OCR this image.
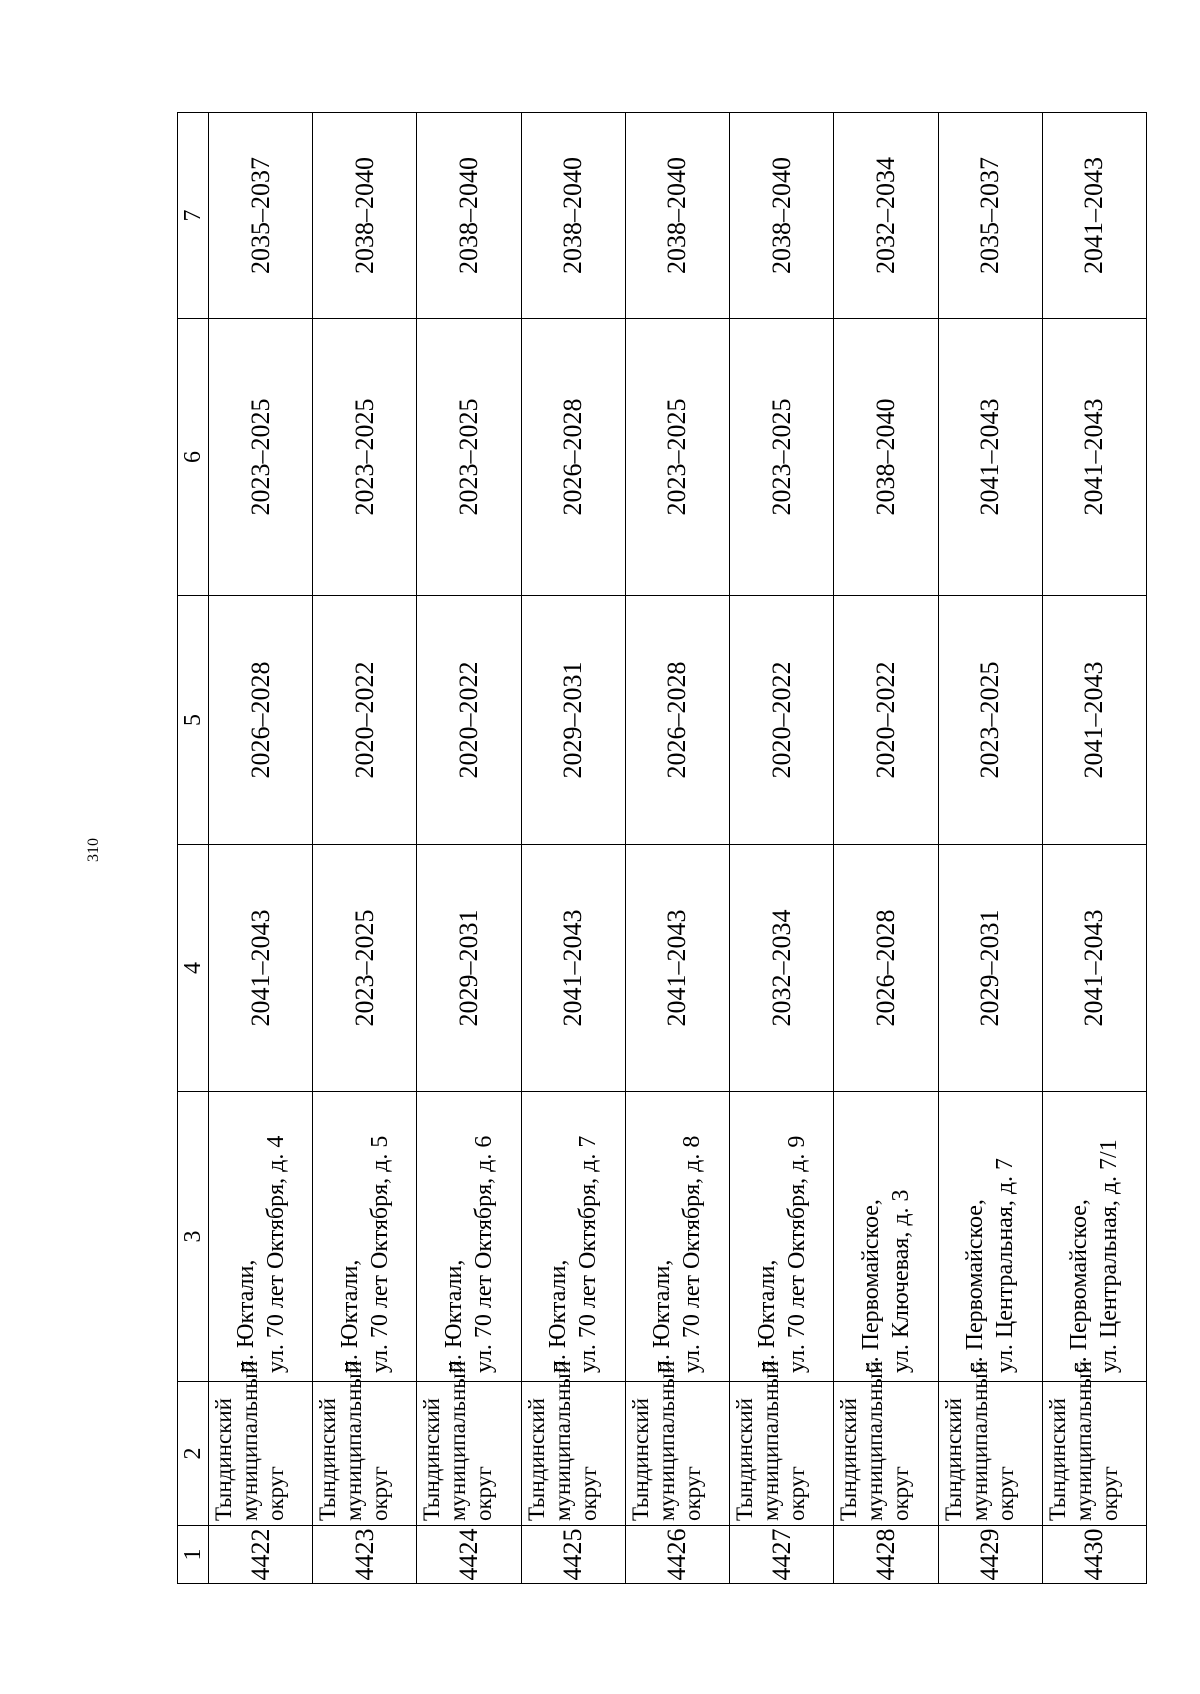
310
1	2	3	4	5	6	7
4422	Тындинский муниципальный округ	п. Юктали, ул. 70 лет Октября, д. 4	2041–2043	2026–2028	2023–2025	2035–2037
4423	Тындинский муниципальный округ	п. Юктали, ул. 70 лет Октября, д. 5	2023–2025	2020–2022	2023–2025	2038–2040
4424	Тындинский муниципальный округ	п. Юктали, ул. 70 лет Октября, д. 6	2029–2031	2020–2022	2023–2025	2038–2040
4425	Тындинский муниципальный округ	п. Юктали, ул. 70 лет Октября, д. 7	2041–2043	2029–2031	2026–2028	2038–2040
4426	Тындинский муниципальный округ	п. Юктали, ул. 70 лет Октября, д. 8	2041–2043	2026–2028	2023–2025	2038–2040
4427	Тындинский муниципальный округ	п. Юктали, ул. 70 лет Октября, д. 9	2032–2034	2020–2022	2023–2025	2038–2040
4428	Тындинский муниципальный округ	с. Первомайское, ул. Ключевая, д. 3	2026–2028	2020–2022	2038–2040	2032–2034
4429	Тындинский муниципальный округ	с. Первомайское, ул. Центральная, д. 7	2029–2031	2023–2025	2041–2043	2035–2037
4430	Тындинский муниципальный округ	с. Первомайское, ул. Центральная, д. 7/1	2041–2043	2041–2043	2041–2043	2041–2043
